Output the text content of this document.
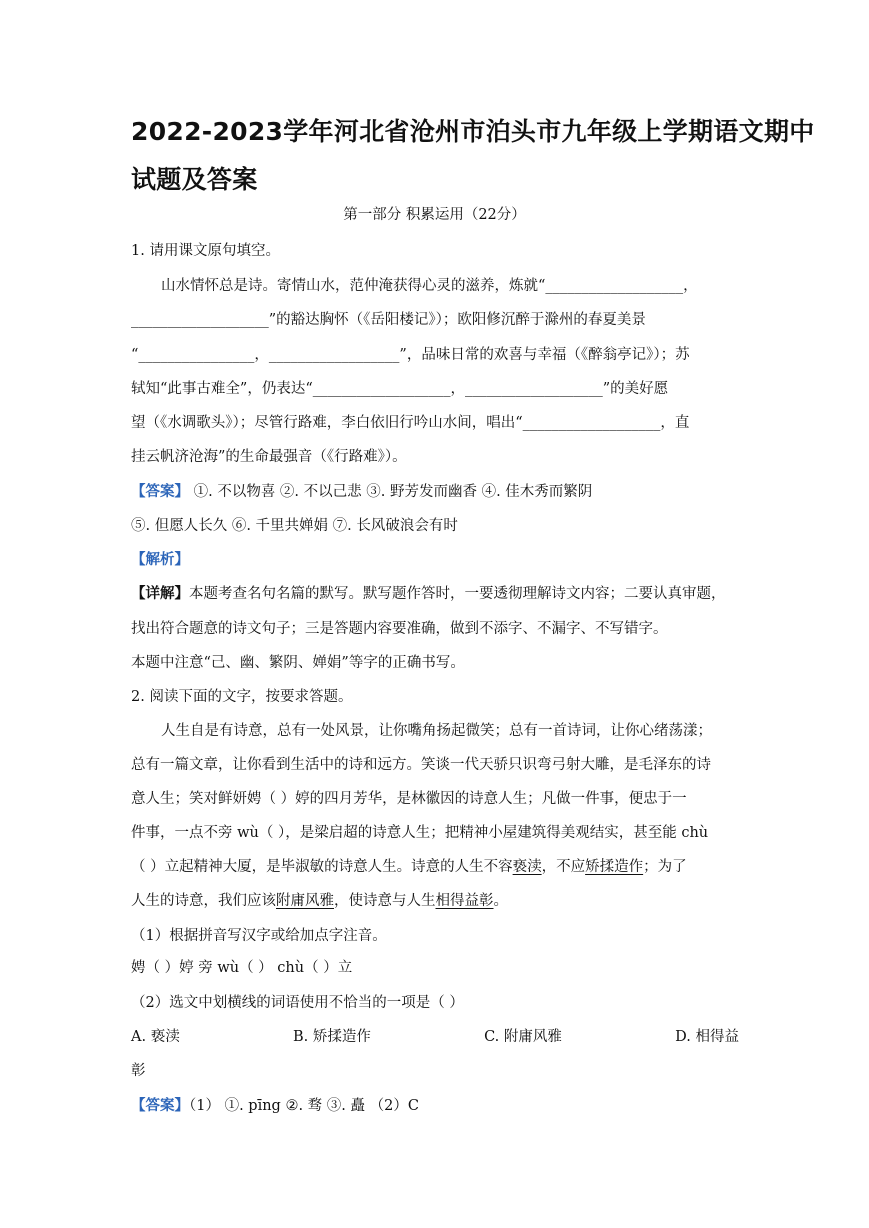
2022-2023学年河北省沧州市泊头市九年级上学期语文期中
试题及答案
第一部分 积累运用（22分）
1. 请用课文原句填空。
山水情怀总是诗。寄情山水，范仲淹获得心灵的滋养，炼就“___________________，
___________________”的豁达胸怀（《岳阳楼记》）；欧阳修沉醉于滁州的春夏美景
“________________，__________________”，品味日常的欢喜与幸福（《醉翁亭记》）；苏
轼知“此事古难全”，仍表达“___________________，___________________”的美好愿
望（《水调歌头》）；尽管行路难，李白依旧行吟山水间，唱出“___________________，直
挂云帆济沧海”的生命最强音（《行路难》）。
【答案】 ①. 不以物喜 ②. 不以己悲 ③. 野芳发而幽香 ④. 佳木秀而繁阴
⑤. 但愿人长久 ⑥. 千里共婵娟 ⑦. 长风破浪会有时
【解析】
【详解】本题考查名句名篇的默写。默写题作答时，一要透彻理解诗文内容；二要认真审题，
找出符合题意的诗文句子；三是答题内容要准确，做到不添字、不漏字、不写错字。
本题中注意“己、幽、繁阴、婵娟”等字的正确书写。
2. 阅读下面的文字，按要求答题。
人生自是有诗意，总有一处风景，让你嘴角扬起微笑；总有一首诗词，让你心绪荡漾；
总有一篇文章，让你看到生活中的诗和远方。笑谈一代天骄只识弯弓射大雕，是毛泽东的诗
意人生；笑对鲜妍娉（ ）婷的四月芳华，是林徽因的诗意人生；凡做一件事，便忠于一
件事，一点不旁 wù（ ），是梁启超的诗意人生；把精神小屋建筑得美观结实，甚至能 chù
（ ）立起精神大厦，是毕淑敏的诗意人生。诗意的人生不容亵渎，不应矫揉造作；为了
人生的诗意，我们应该附庸风雅，使诗意与人生相得益彰。
（1）根据拼音写汉字或给加点字注音。
娉（ ）婷 旁 wù（ ） chù（ ）立
（2）选文中划横线的词语使用不恰当的一项是（ ）
A. 亵渎	B. 矫揉造作	C. 附庸风雅	D. 相得益
彰
【答案】（1） ①. pīng ②. 骛 ③. 矗 （2）C
